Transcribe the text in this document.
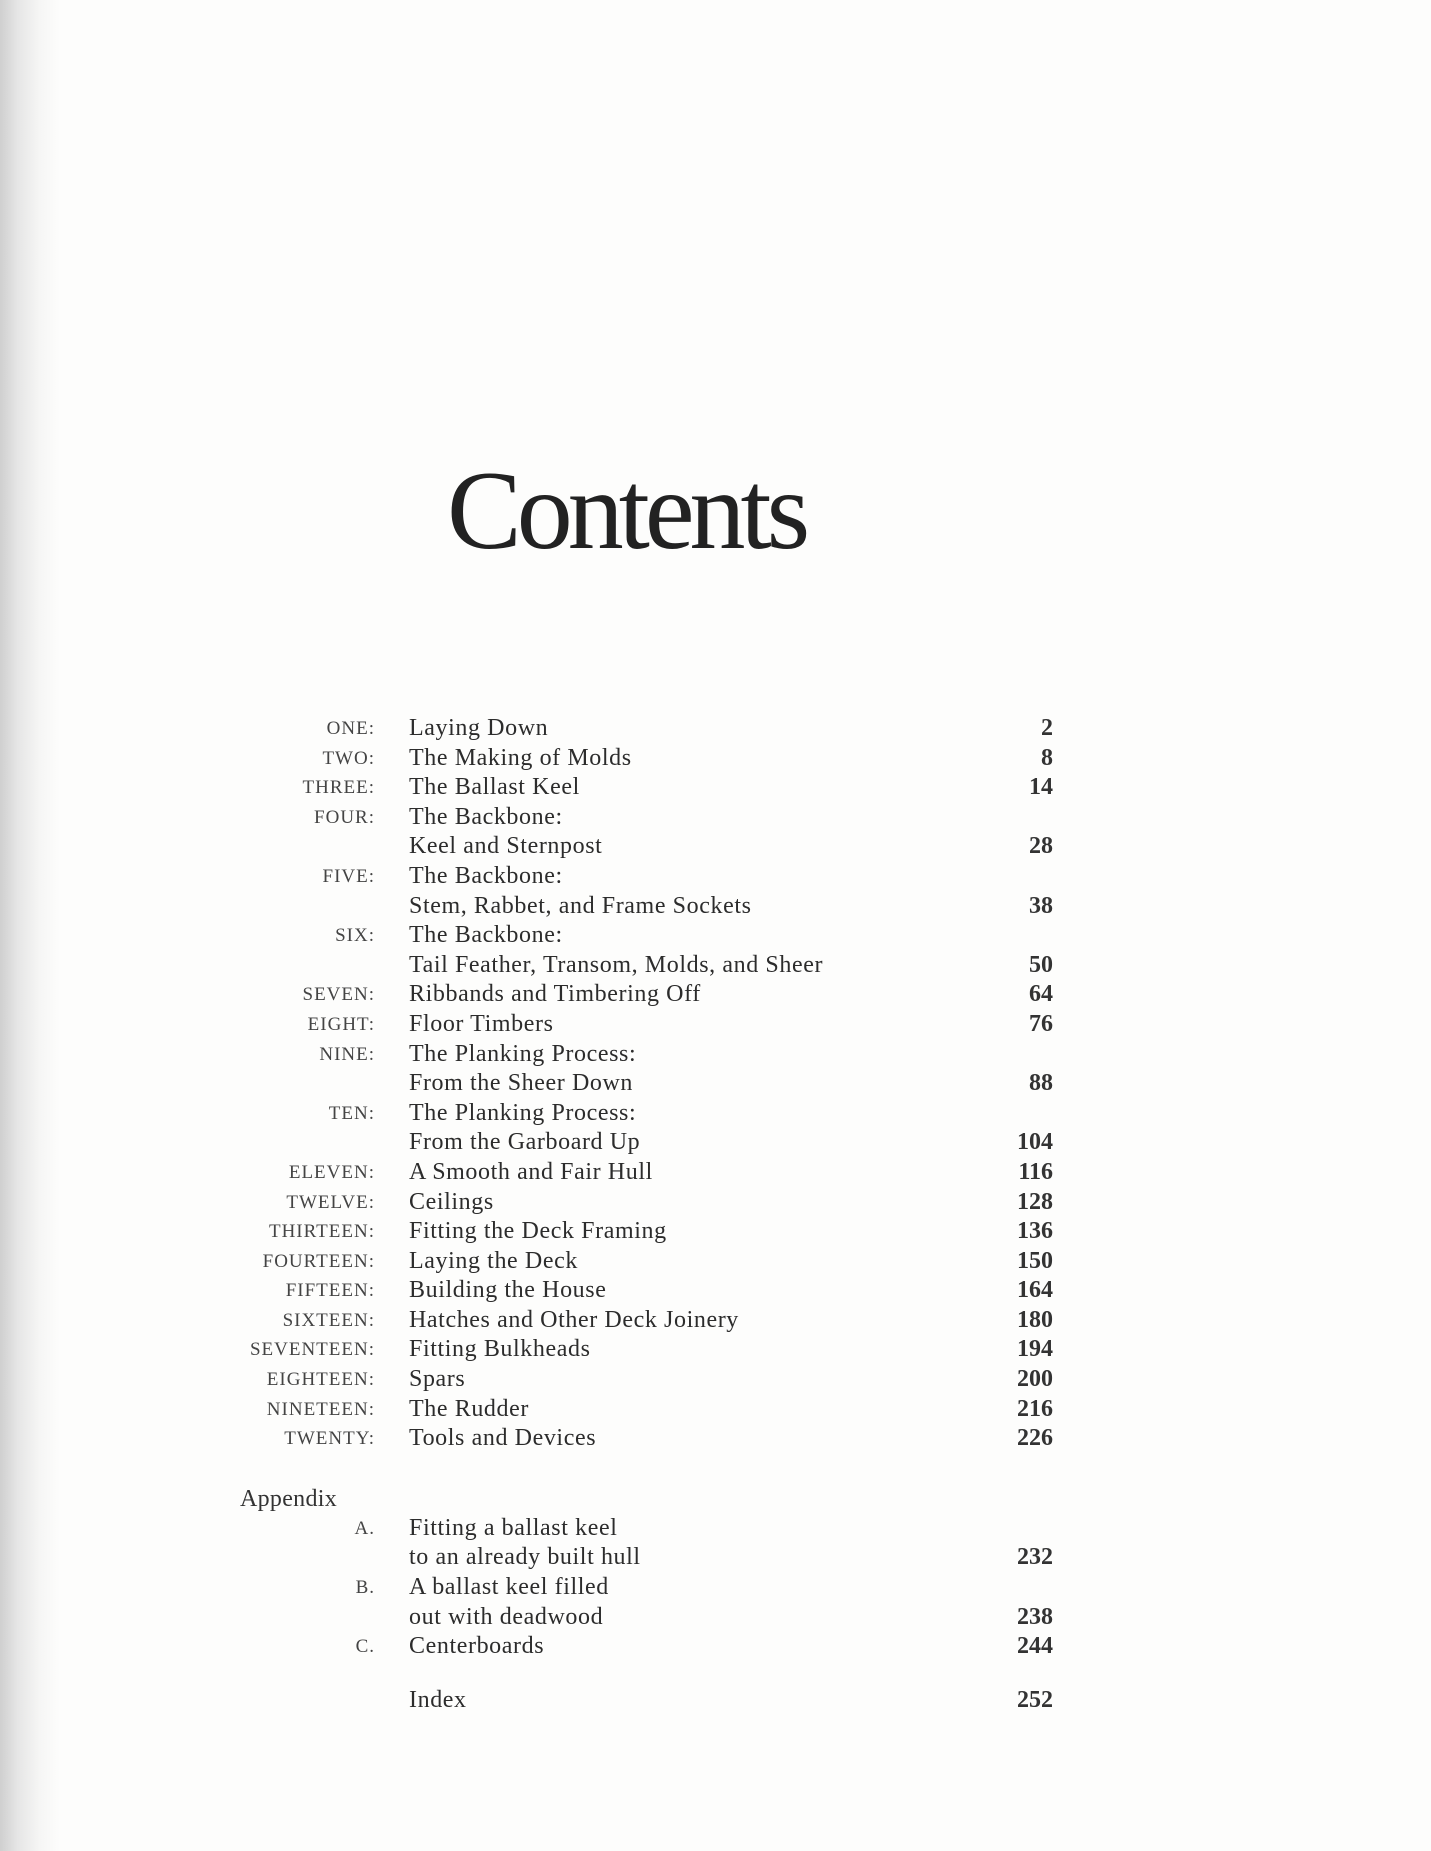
Contents
ONE: Laying Down	2
TWO: The Making of Molds	8
THREE: The Ballast Keel	14
FOUR: The Backbone:
Keel and Sternpost	28
FIVE: The Backbone:
Stem, Rabbet, and Frame Sockets	38
SIX: The Backbone:
Tail Feather, Transom, Molds, and Sheer	50
SEVEN: Ribbands and Timbering Off	64
EIGHT: Floor Timbers	76
NINE: The Planking Process:
From the Sheer Down	88
TEN: The Planking Process:
From the Garboard Up	104
ELEVEN: A Smooth and Fair Hull	116
TWELVE: Ceilings	128
THIRTEEN: Fitting the Deck Framing	136
FOURTEEN: Laying the Deck	150
FIFTEEN: Building the House	164
SIXTEEN: Hatches and Other Deck Joinery	180
SEVENTEEN: Fitting Bulkheads	194
EIGHTEEN: Spars	200
NINETEEN: The Rudder	216
TWENTY: Tools and Devices	226
Appendix
A. Fitting a ballast keel
to an already built hull	232
B. A ballast keel filled
out with deadwood	238
C. Centerboards	244
Index	252
